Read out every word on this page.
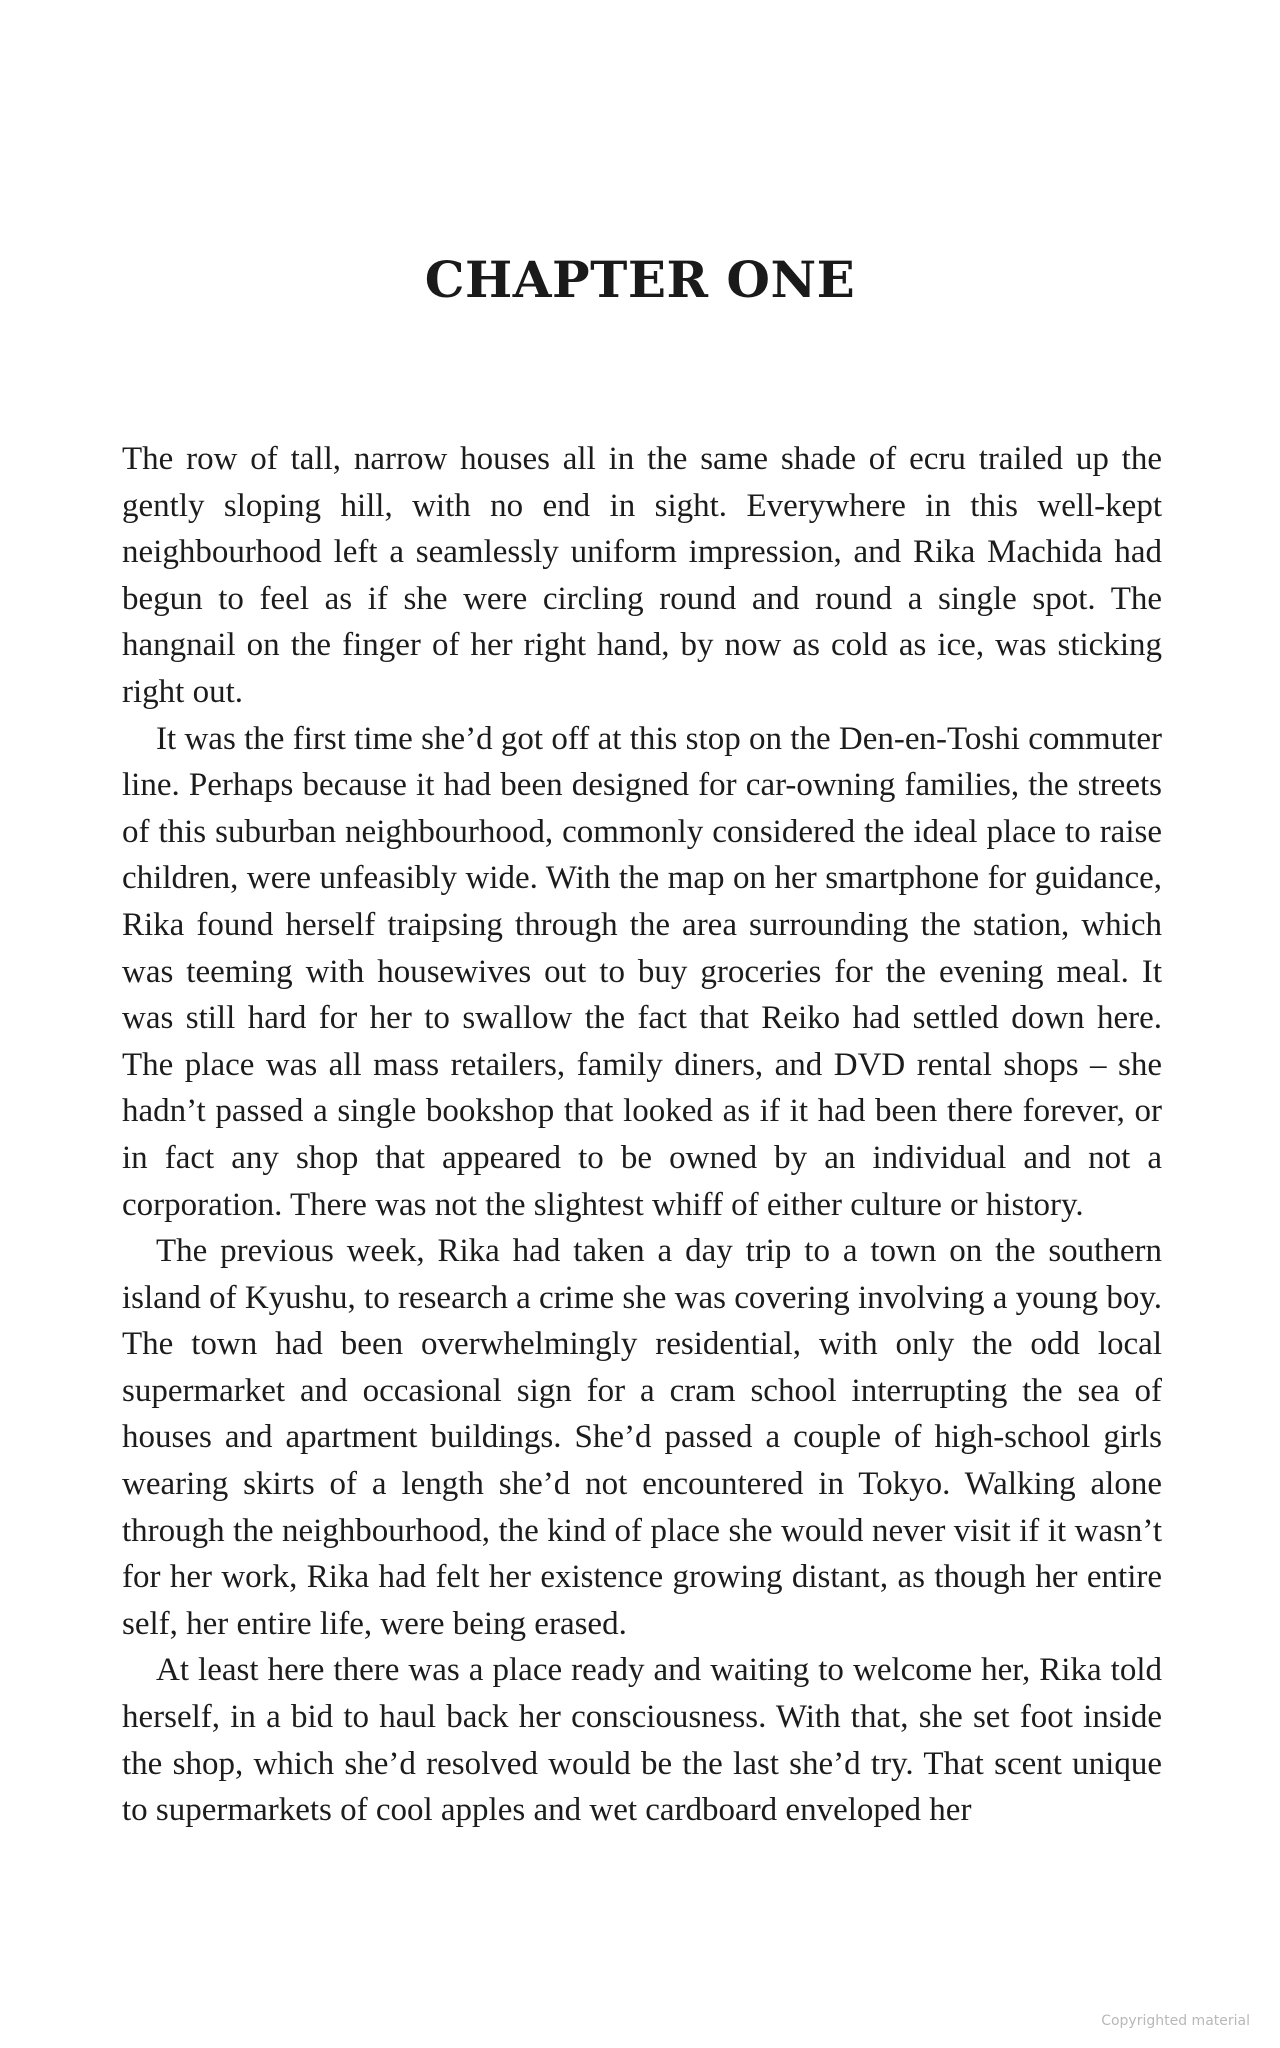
CHAPTER ONE

The row of tall, narrow houses all in the same shade of ecru trailed up the gently sloping hill, with no end in sight. Everywhere in this well-kept neighbourhood left a seamlessly uniform impression, and Rika Machida had begun to feel as if she were circling round and round a single spot. The hangnail on the finger of her right hand, by now as cold as ice, was sticking right out.

It was the first time she’d got off at this stop on the Den-en-Toshi commuter line. Perhaps because it had been designed for car-owning families, the streets of this suburban neighbourhood, commonly considered the ideal place to raise children, were unfeasibly wide. With the map on her smartphone for guidance, Rika found herself traipsing through the area surrounding the station, which was teeming with housewives out to buy groceries for the evening meal. It was still hard for her to swallow the fact that Reiko had settled down here. The place was all mass retailers, family diners, and DVD rental shops – she hadn’t passed a single bookshop that looked as if it had been there forever, or in fact any shop that appeared to be owned by an individual and not a corporation. There was not the slightest whiff of either culture or history.

The previous week, Rika had taken a day trip to a town on the southern island of Kyushu, to research a crime she was covering involving a young boy. The town had been overwhelmingly residential, with only the odd local supermarket and occasional sign for a cram school interrupting the sea of houses and apartment buildings. She’d passed a couple of high-school girls wearing skirts of a length she’d not encountered in Tokyo. Walking alone through the neighbourhood, the kind of place she would never visit if it wasn’t for her work, Rika had felt her existence growing distant, as though her entire self, her entire life, were being erased.

At least here there was a place ready and waiting to welcome her, Rika told herself, in a bid to haul back her consciousness. With that, she set foot inside the shop, which she’d resolved would be the last she’d try. That scent unique to supermarkets of cool apples and wet cardboard enveloped her

Copyrighted material
